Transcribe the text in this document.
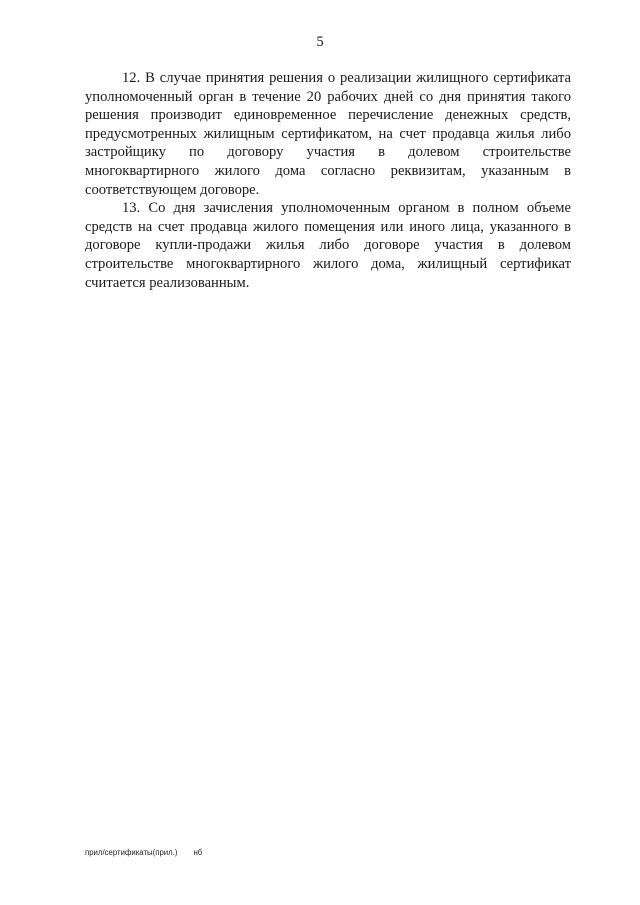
5

12. В случае принятия решения о реализации жилищного сертификата уполномоченный орган в течение 20 рабочих дней со дня принятия такого решения производит единовременное перечисление денежных средств, предусмотренных жилищным сертификатом, на счет продавца жилья либо застройщику по договору участия в долевом строительстве многоквартирного жилого дома согласно реквизитам, указанным в соответствующем договоре.

13. Со дня зачисления уполномоченным органом в полном объеме средств на счет продавца жилого помещения или иного лица, указанного в договоре купли-продажи жилья либо договоре участия в долевом строительстве многоквартирного жилого дома, жилищный сертификат считается реализованным.

прил/сертификаты(прил.) нб
